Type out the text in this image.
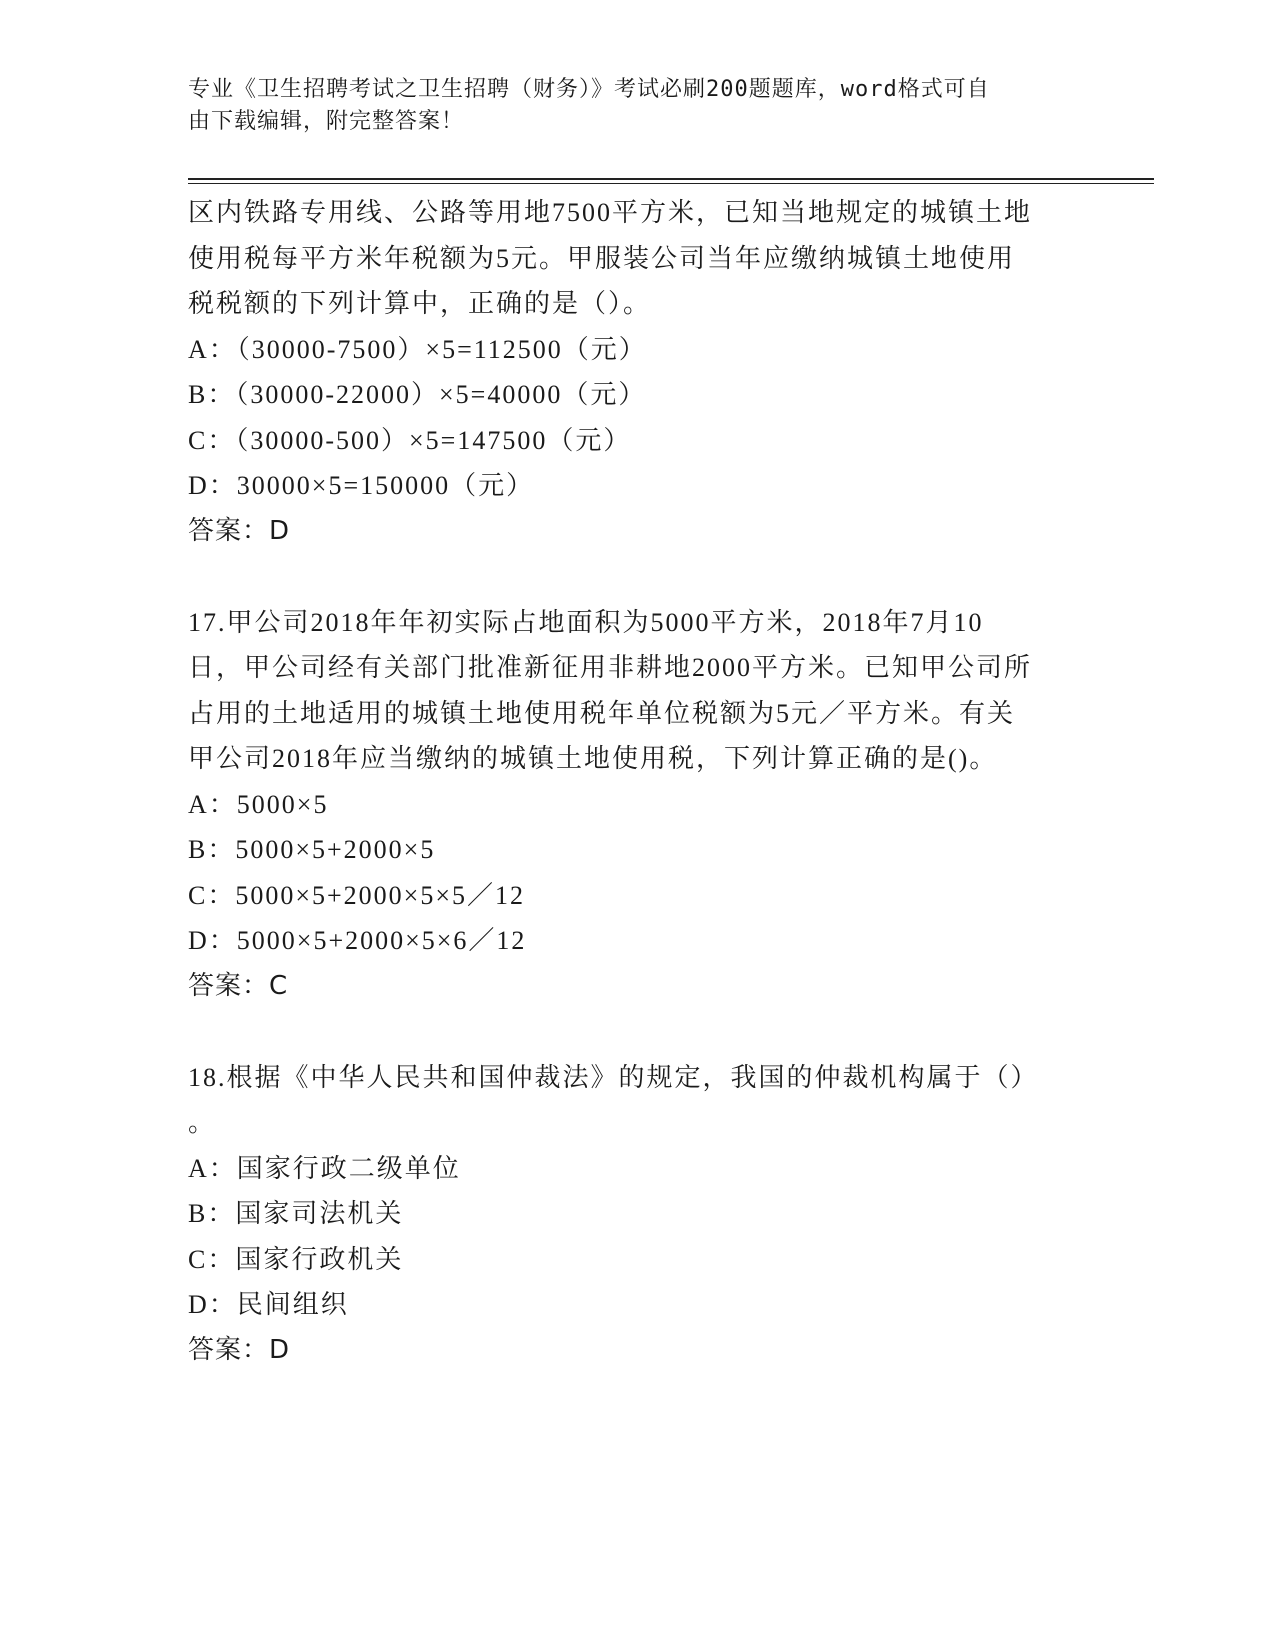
专业《卫生招聘考试之卫生招聘（财务）》考试必刷200题题库，word格式可自
由下载编辑，附完整答案！
区内铁路专用线、公路等用地7500平方米，已知当地规定的城镇土地
使用税每平方米年税额为5元。甲服装公司当年应缴纳城镇土地使用
税税额的下列计算中，正确的是（）。
A：（30000-7500）×5=112500（元）
B：（30000-22000）×5=40000（元）
C：（30000-500）×5=147500（元）
D：30000×5=150000（元）
答案：D
17.甲公司2018年年初实际占地面积为5000平方米，2018年7月10
日，甲公司经有关部门批准新征用非耕地2000平方米。已知甲公司所
占用的土地适用的城镇土地使用税年单位税额为5元／平方米。有关
甲公司2018年应当缴纳的城镇土地使用税，下列计算正确的是()。
A：5000×5
B：5000×5+2000×5
C：5000×5+2000×5×5／12
D：5000×5+2000×5×6／12
答案：C
18.根据《中华人民共和国仲裁法》的规定，我国的仲裁机构属于（）
。
A：国家行政二级单位
B：国家司法机关
C：国家行政机关
D：民间组织
答案：D
